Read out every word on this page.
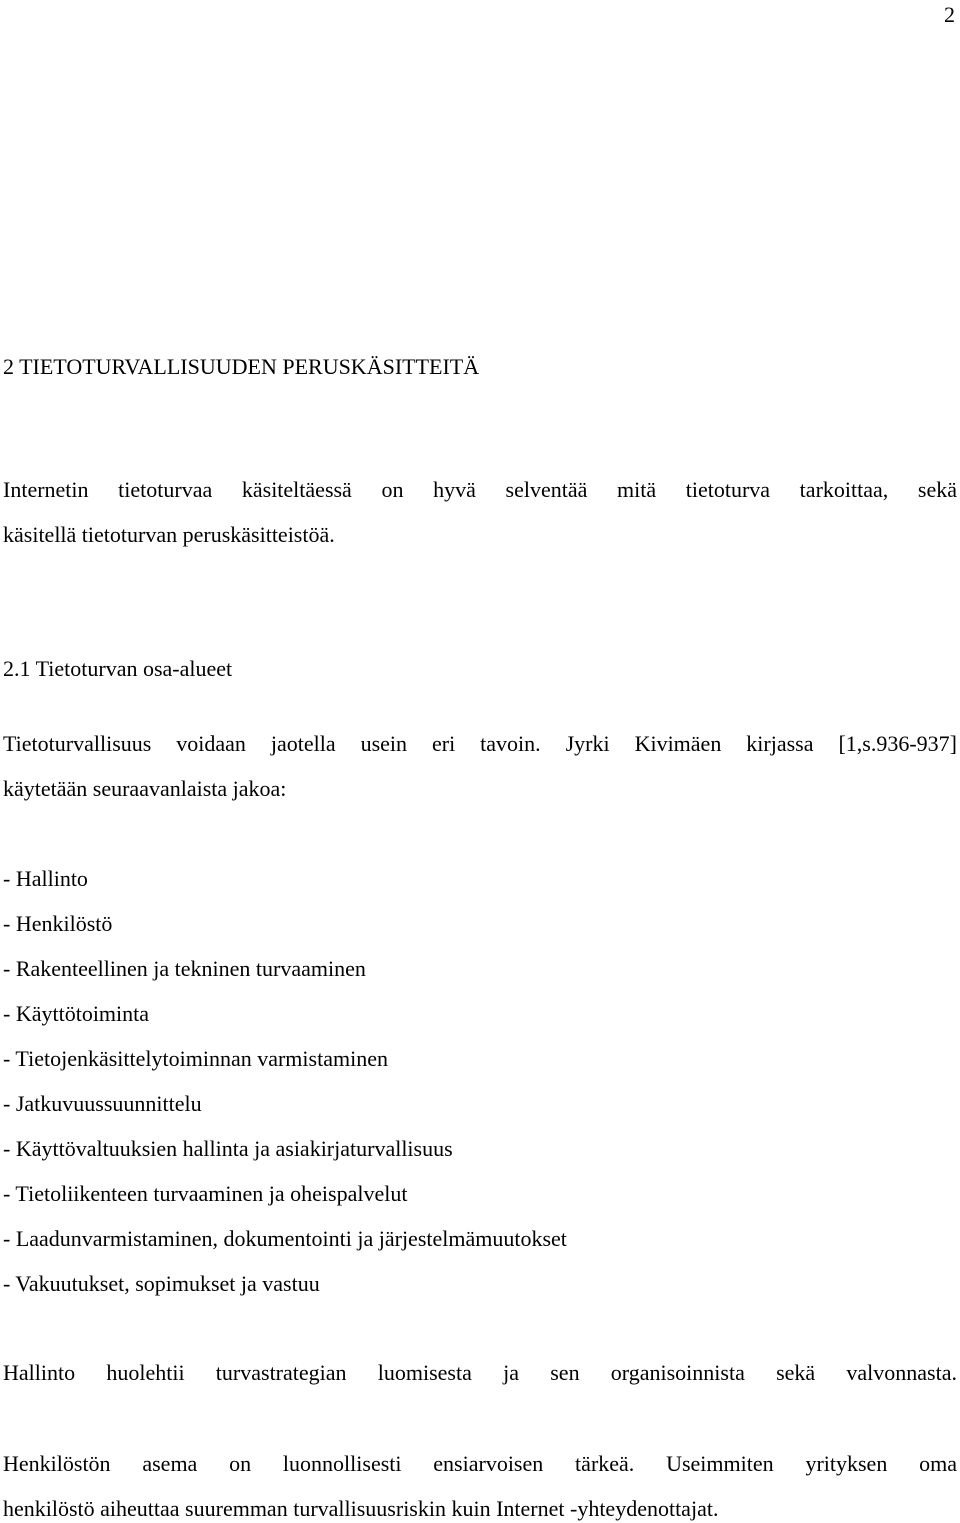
2
2 TIETOTURVALLISUUDEN PERUSKÄSITTEITÄ
Internetin tietoturvaa käsiteltäessä on hyvä selventää mitä tietoturva tarkoittaa, sekä
käsitellä tietoturvan peruskäsitteistöä.
2.1 Tietoturvan osa-alueet
Tietoturvallisuus voidaan jaotella usein eri tavoin. Jyrki Kivimäen kirjassa [1,s.936-937]
käytetään seuraavanlaista jakoa:
- Hallinto
- Henkilöstö
- Rakenteellinen ja tekninen turvaaminen
- Käyttötoiminta
- Tietojenkäsittelytoiminnan varmistaminen
- Jatkuvuussuunnittelu
- Käyttövaltuuksien hallinta ja asiakirjaturvallisuus
- Tietoliikenteen turvaaminen ja oheispalvelut
- Laadunvarmistaminen, dokumentointi ja järjestelmämuutokset
- Vakuutukset, sopimukset ja vastuu
Hallinto huolehtii turvastrategian luomisesta ja sen organisoinnista sekä valvonnasta.
Henkilöstön asema on luonnollisesti ensiarvoisen tärkeä. Useimmiten yrityksen oma
henkilöstö aiheuttaa suuremman turvallisuusriskin kuin Internet -yhteydenottajat.
